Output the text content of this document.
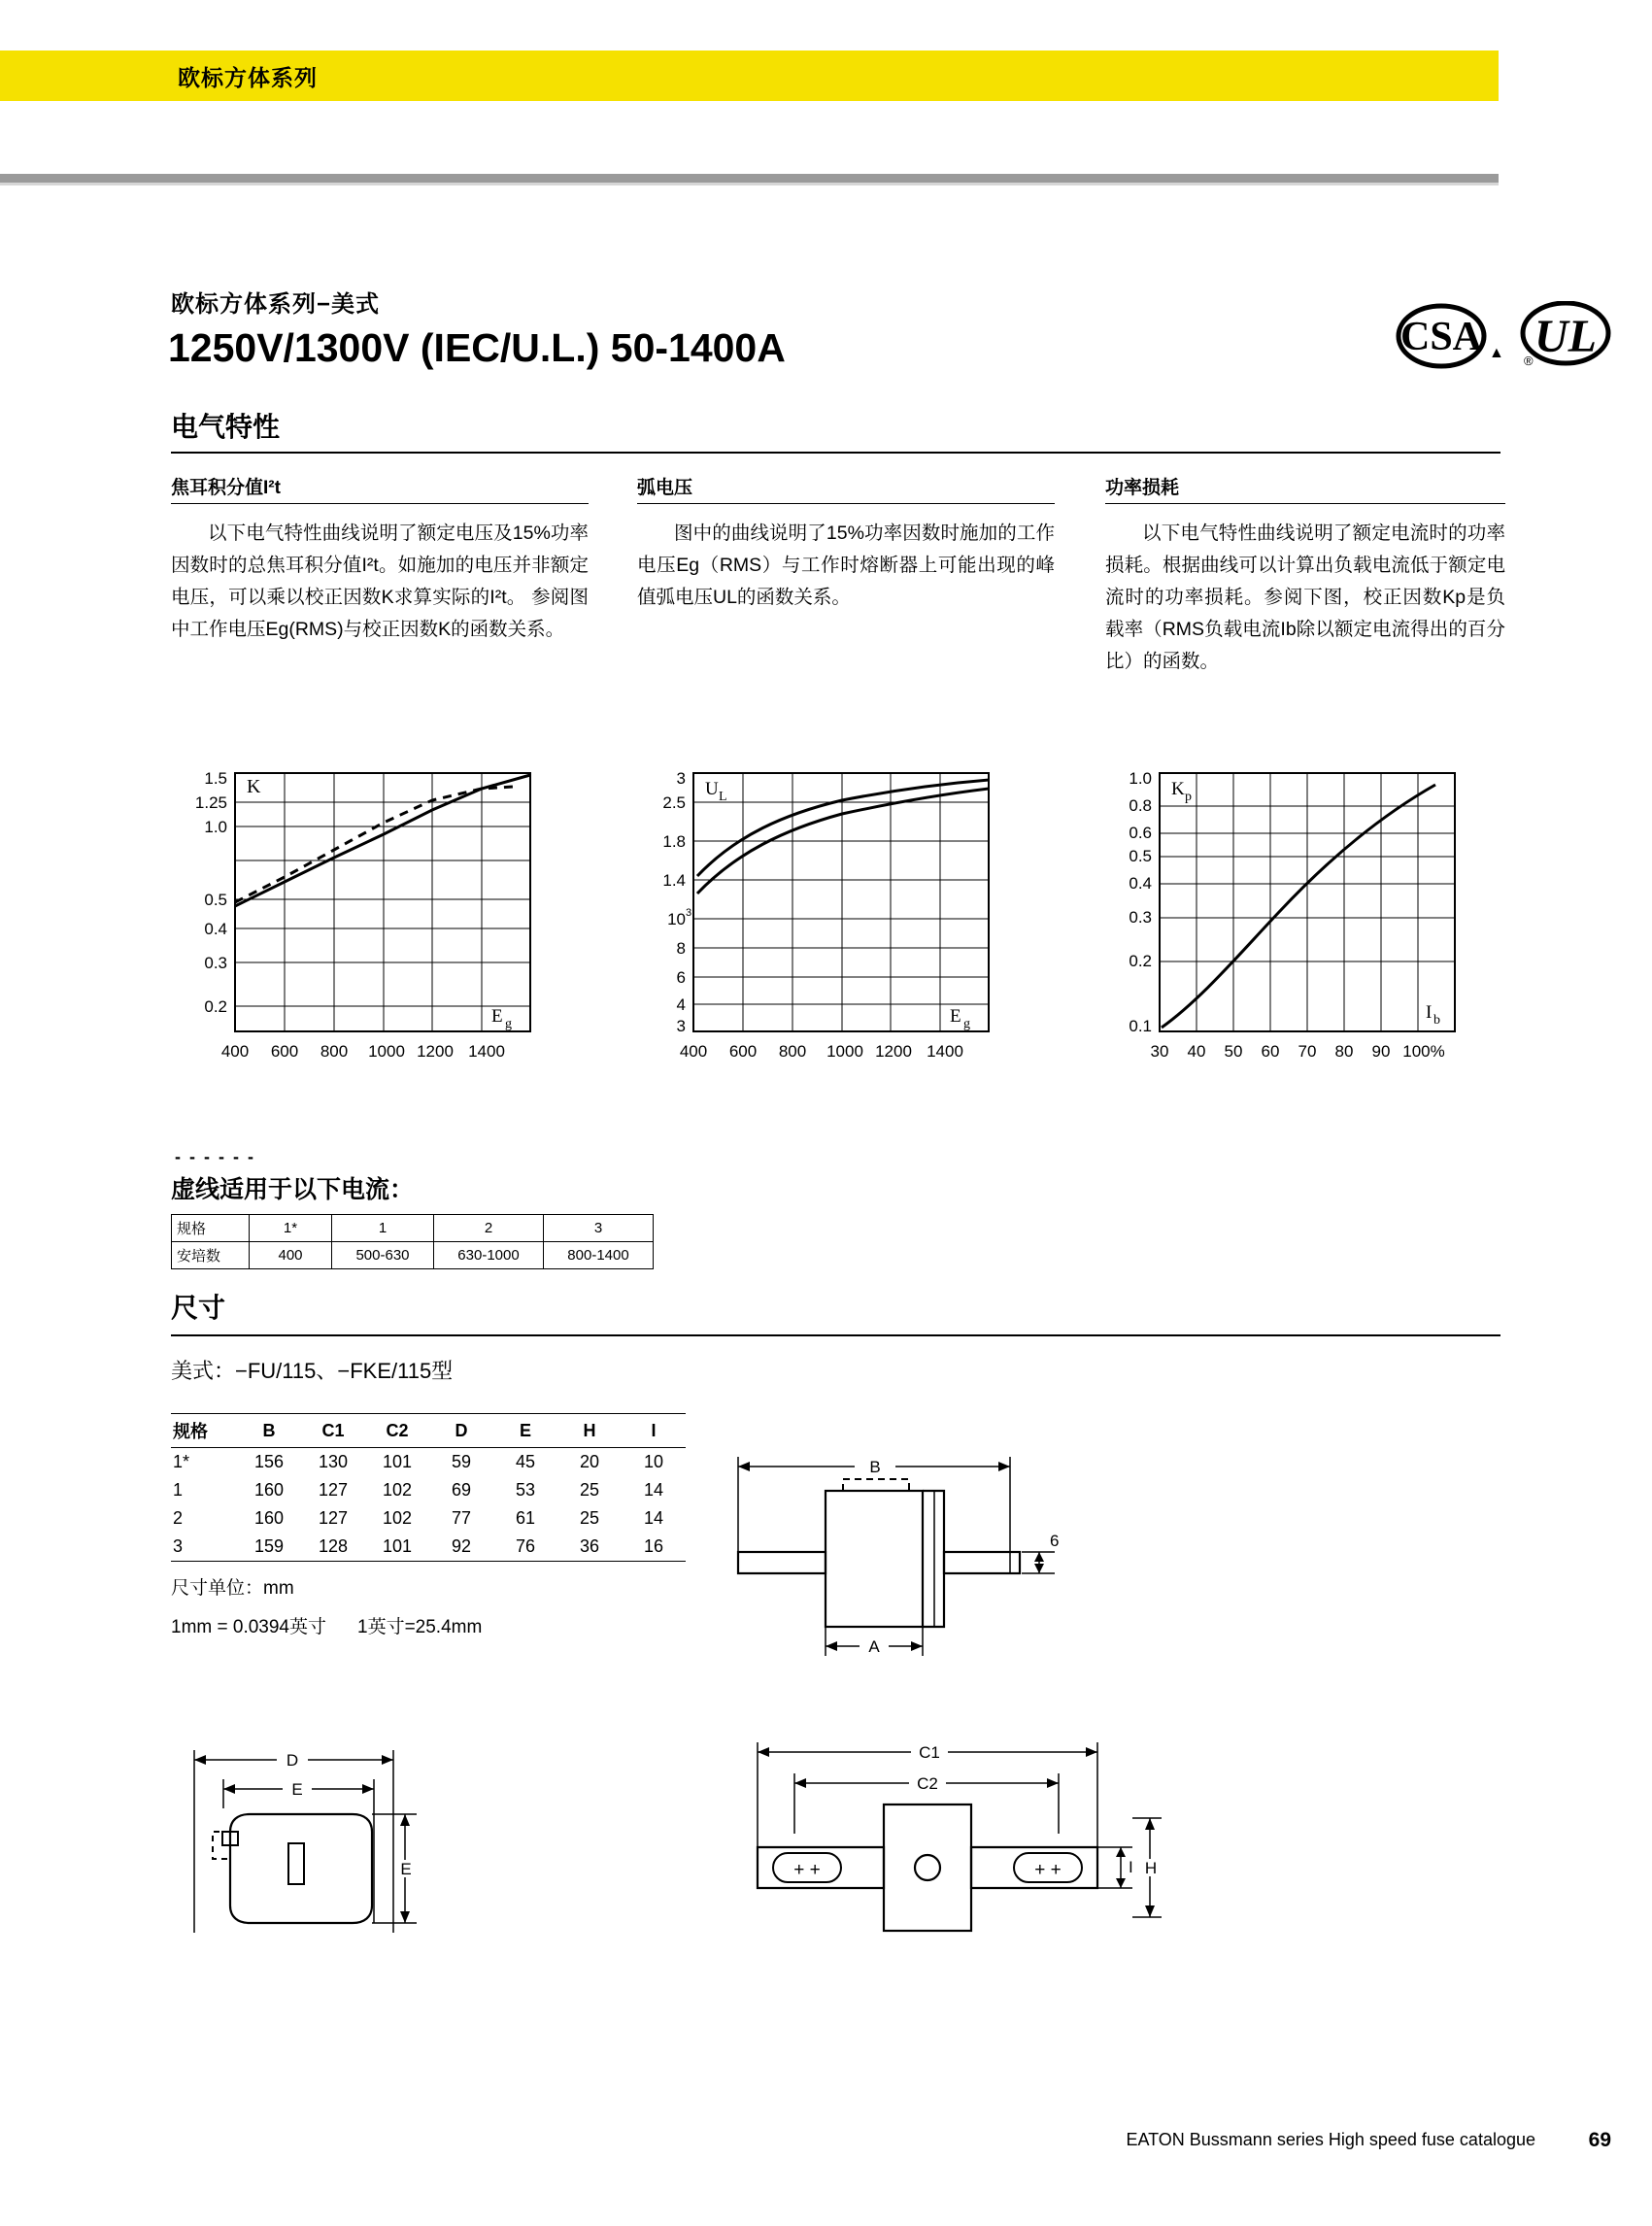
欧标方体系列
欧标方体系列−美式
1250V/1300V (IEC/U.L.) 50-1400A	CSA ▲ UL
®
电气特性
焦耳积分值I²t
以下电气特性曲线说明了额定电压及15%功率因数时的总焦耳积分值I²t。如施加的电压并非额定电压，可以乘以校正因数K求算实际的I²t。 参阅图中工作电压Eg(RMS)与校正因数K的函数关系。
弧电压
图中的曲线说明了15%功率因数时施加的工作电压Eg（RMS）与工作时熔断器上可能出现的峰值弧电压UL的函数关系。
功率损耗
以下电气特性曲线说明了额定电流时的功率损耗。根据曲线可以计算出负载电流低于额定电流时的功率损耗。参阅下图，校正因数Kp是负载率（RMS负载电流Ib除以额定电流得出的百分比）的函数。
1.5
1.25
1.0
0.5
0.4
0.3
0.2
K
E g
400 600 800 1000 1200 1400
3
2.5
1.8
1.4
10
8
6
4
3
3
U L
E g
400 600 800 1000 1200 1400
1.0
0.8
0.6
0.5
0.4
0.3
0.2
0.1
K p
I b
30 40 50 60 70 80 90 100%
- - - - - -
虚线适用于以下电流：
规格	1*	1	2	3
安培数	400	500-630	630-1000	800-1400
尺寸
美式：−FU/115、−FKE/115型
规格	B	C1	C2	D	E	H	I
1*	156	130	101	59	45	20	10
1	160	127	102	69	53	25	14
2	160	127	102	77	61	25	14
3	159	128	101	92	76	36	16
尺寸单位：mm
1mm = 0.0394英寸 1英寸=25.4mm
B
6
A
D
E
E
C1
C2
+ +	+ +	I H
EATON Bussmann series High speed fuse catalogue	69
